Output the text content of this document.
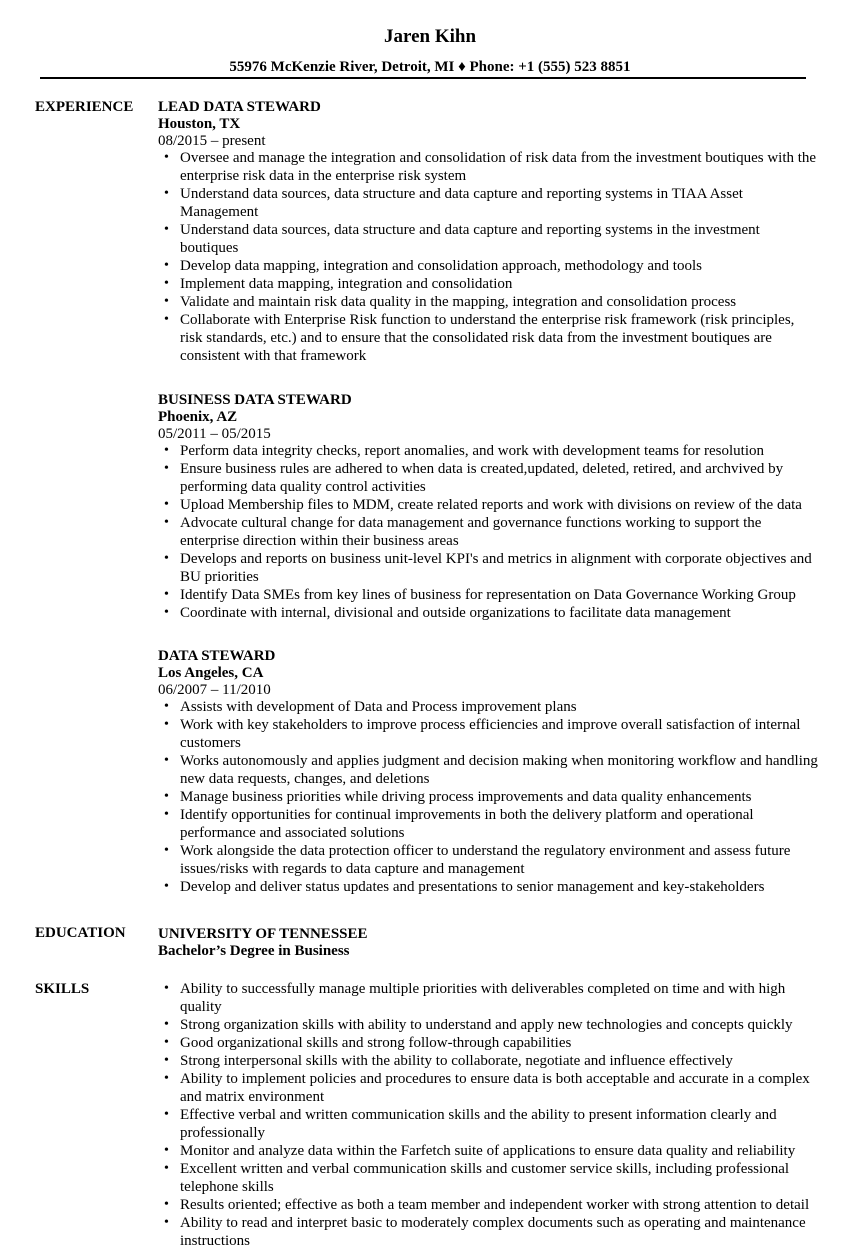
Jaren Kihn
55976 McKenzie River, Detroit, MI ♦ Phone: +1 (555) 523 8851
EXPERIENCE LEAD DATA STEWARD
Houston, TX
08/2015 – present
• Oversee and manage the integration and consolidation of risk data from the investment boutiques with the enterprise risk data in the enterprise risk system
• Understand data sources, data structure and data capture and reporting systems in TIAA Asset Management
• Understand data sources, data structure and data capture and reporting systems in the investment boutiques
• Develop data mapping, integration and consolidation approach, methodology and tools
• Implement data mapping, integration and consolidation
• Validate and maintain risk data quality in the mapping, integration and consolidation process
• Collaborate with Enterprise Risk function to understand the enterprise risk framework (risk principles, risk standards, etc.) and to ensure that the consolidated risk data from the investment boutiques are consistent with that framework
BUSINESS DATA STEWARD
Phoenix, AZ
05/2011 – 05/2015
• Perform data integrity checks, report anomalies, and work with development teams for resolution
• Ensure business rules are adhered to when data is created,updated, deleted, retired, and archvived by performing data quality control activities
• Upload Membership files to MDM, create related reports and work with divisions on review of the data
• Advocate cultural change for data management and governance functions working to support the enterprise direction within their business areas
• Develops and reports on business unit-level KPI's and metrics in alignment with corporate objectives and BU priorities
• Identify Data SMEs from key lines of business for representation on Data Governance Working Group
• Coordinate with internal, divisional and outside organizations to facilitate data management
DATA STEWARD
Los Angeles, CA
06/2007 – 11/2010
• Assists with development of Data and Process improvement plans
• Work with key stakeholders to improve process efficiencies and improve overall satisfaction of internal customers
• Works autonomously and applies judgment and decision making when monitoring workflow and handling new data requests, changes, and deletions
• Manage business priorities while driving process improvements and data quality enhancements
• Identify opportunities for continual improvements in both the delivery platform and operational performance and associated solutions
• Work alongside the data protection officer to understand the regulatory environment and assess future issues/risks with regards to data capture and management
• Develop and deliver status updates and presentations to senior management and key-stakeholders
EDUCATION UNIVERSITY OF TENNESSEE
Bachelor’s Degree in Business
SKILLS
•	Ability to successfully manage multiple priorities with deliverables completed on time and with high quality
• Strong organization skills with ability to understand and apply new technologies and concepts quickly
• Good organizational skills and strong follow-through capabilities
• Strong interpersonal skills with the ability to collaborate, negotiate and influence effectively
• Ability to implement policies and procedures to ensure data is both acceptable and accurate in a complex and matrix environment
• Effective verbal and written communication skills and the ability to present information clearly and professionally
• Monitor and analyze data within the Farfetch suite of applications to ensure data quality and reliability
• Excellent written and verbal communication skills and customer service skills, including professional telephone skills
• Results oriented; effective as both a team member and independent worker with strong attention to detail
• Ability to read and interpret basic to moderately complex documents such as operating and maintenance instructions
